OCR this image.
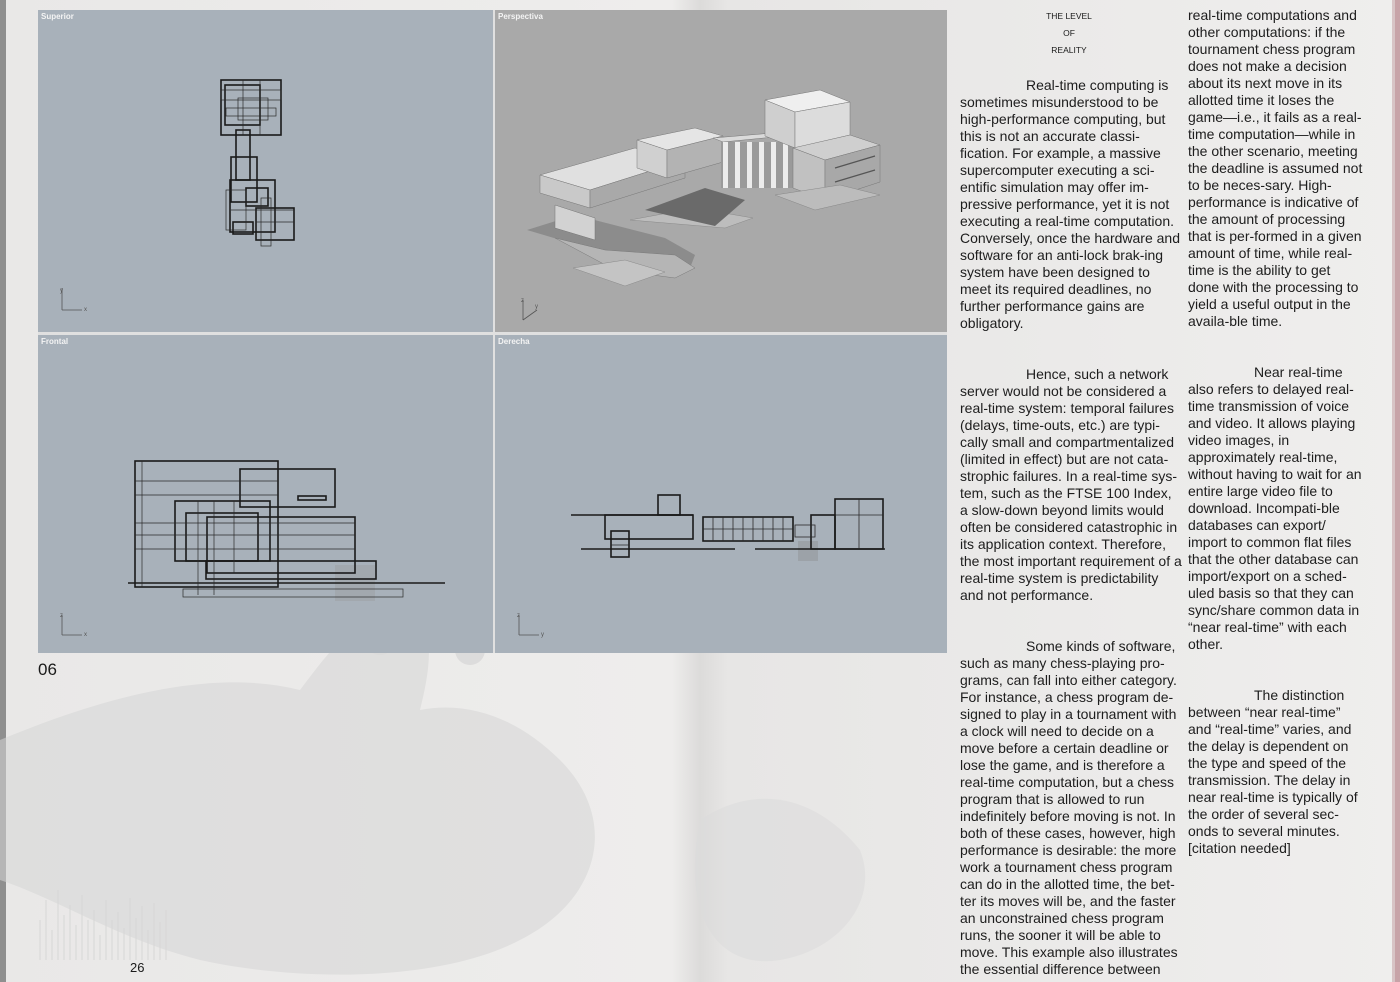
Superior
y
x
Perspectiva
z
y
Frontal
z
x
Derecha
z
y
06
26
THE LEVEL
OF
REALITY

Real-time computing is sometimes misunderstood to be high-performance computing, but this is not an accurate classi-fication. For example, a massive supercomputer executing a sci-entific simulation may offer im-pressive performance, yet it is not executing a real-time computation. Conversely, once the hardware and software for an anti-lock brak-ing system have been designed to meet its required deadlines, no further performance gains are obligatory.

Hence, such a network server would not be considered a real-time system: temporal failures (delays, time-outs, etc.) are typi-cally small and compartmentalized (limited in effect) but are not cata-strophic failures. In a real-time sys-tem, such as the FTSE 100 Index, a slow-down beyond limits would often be considered catastrophic in its application context. Therefore, the most important requirement of a real-time system is predictability and not performance.

Some kinds of software, such as many chess-playing pro-grams, can fall into either category. For instance, a chess program de-signed to play in a tournament with a clock will need to decide on a move before a certain deadline or lose the game, and is therefore a real-time computation, but a chess program that is allowed to run indefinitely before moving is not. In both of these cases, however, high performance is desirable: the more work a tournament chess program can do in the allotted time, the bet-ter its moves will be, and the faster an unconstrained chess program runs, the sooner it will be able to move. This example also illustrates the essential difference between

real-time computations and other computations: if the tournament chess program does not make a decision about its next move in its allotted time it loses the game—i.e., it fails as a real-time computation—while in the other scenario, meeting the deadline is assumed not to be neces-sary. High-performance is indicative of the amount of processing that is per-formed in a given amount of time, while real-time is the ability to get done with the processing to yield a useful output in the availa-ble time.

Near real-time also refers to delayed real-time transmission of voice and video. It allows playing video images, in approximately real-time, without having to wait for an entire large video file to download. Incompati-ble databases can export/ import to common flat files that the other database can import/export on a sched-uled basis so that they can sync/share common data in “near real-time” with each other.

The distinction between “near real-time” and “real-time” varies, and the delay is dependent on the type and speed of the transmission. The delay in near real-time is typically of the order of several sec-onds to several minutes. [citation needed]
